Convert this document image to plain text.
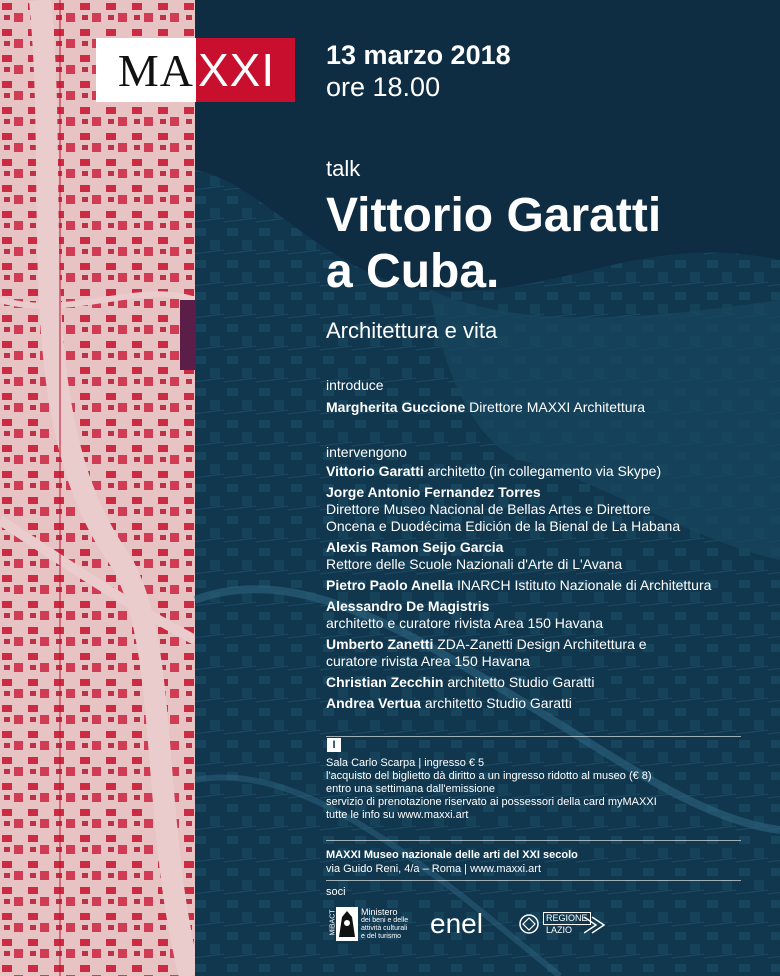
MA XXI	13 marzo 2018
ore 18.00
talk
Vittorio Garatti
a Cuba.
Architettura e vita
introduce
Margherita Guccione Direttore MAXXI Architettura
intervengono
Vittorio Garatti architetto (in collegamento via Skype)
Jorge Antonio Fernandez Torres

Direttore Museo Nacional de Bellas Artes e Direttore Oncena e Duodécima Edición de la Bienal de La Habana
Alexis Ramon Seijo Garcia
Rettore delle Scuole Nazionali d'Arte di L'Avana
Pietro Paolo Anella INARCH Istituto Nazionale di Architettura
Alessandro De Magistris
architetto e curatore rivista Area 150 Havana
Umberto Zanetti ZDA-Zanetti Design Architettura e curatore rivista Area 150 Havana
Christian Zecchin architetto Studio Garatti
Andrea Vertua architetto Studio Garatti
I
Sala Carlo Scarpa | ingresso € 5
l'acquisto del biglietto dà diritto a un ingresso ridotto al museo (€ 8)
entro una settimana dall'emissione
servizio di prenotazione riservato ai possessori della card myMAXXI
tutte le info su www.maxxi.art
MAXXI Museo nazionale delle arti del XXI secolo
via Guido Reni, 4/a – Roma | www.maxxi.art
soci
MiBACT	Ministero
dei beni e delle
attività culturali
e del turismo enel	REGIONE
LAZIO
